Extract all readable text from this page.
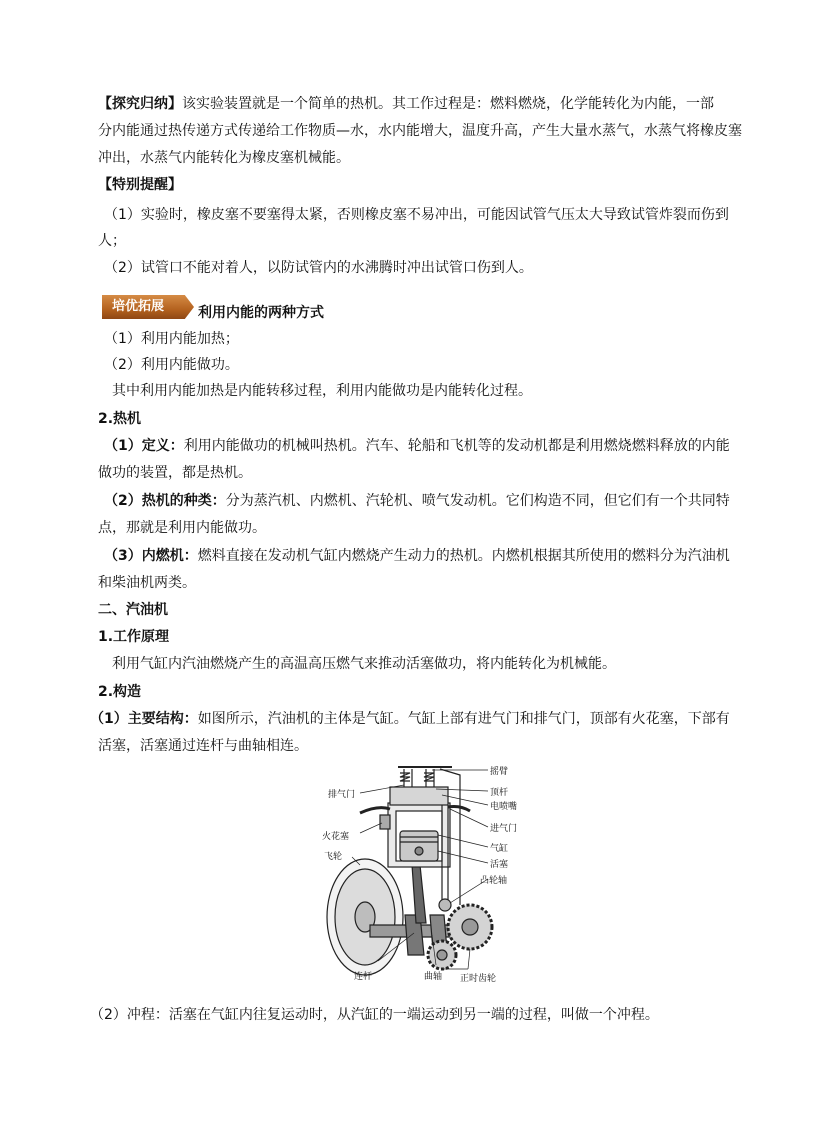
【探究归纳】该实验装置就是一个简单的热机。其工作过程是：燃料燃烧，化学能转化为内能，一部
分内能通过热传递方式传递给工作物质—水，水内能增大，温度升高，产生大量水蒸气，水蒸气将橡皮塞
冲出，水蒸气内能转化为橡皮塞机械能。
【特别提醒】
（1）实验时，橡皮塞不要塞得太紧，否则橡皮塞不易冲出，可能因试管气压太大导致试管炸裂而伤到
人；
（2）试管口不能对着人，以防试管内的水沸腾时冲出试管口伤到人。
培优拓展 利用内能的两种方式
（1）利用内能加热；
（2）利用内能做功。
其中利用内能加热是内能转移过程，利用内能做功是内能转化过程。
2.热机
（1）定义：利用内能做功的机械叫热机。汽车、轮船和飞机等的发动机都是利用燃烧燃料释放的内能
做功的装置，都是热机。
（2）热机的种类：分为蒸汽机、内燃机、汽轮机、喷气发动机。它们构造不同，但它们有一个共同特
点，那就是利用内能做功。
（3）内燃机：燃料直接在发动机气缸内燃烧产生动力的热机。内燃机根据其所使用的燃料分为汽油机
和柴油机两类。
二、汽油机
1.工作原理
利用气缸内汽油燃烧产生的高温高压燃气来推动活塞做功，将内能转化为机械能。
2.构造
（1）主要结构：如图所示，汽油机的主体是气缸。气缸上部有进气门和排气门，顶部有火花塞，下部有
活塞，活塞通过连杆与曲轴相连。
摇臂
排气门	顶杆
电喷嘴
火花塞
进气门
飞轮
气缸
活塞
凸轮轴
连杆	曲轴 正时齿轮
（2）冲程：活塞在气缸内往复运动时，从汽缸的一端运动到另一端的过程，叫做一个冲程。
